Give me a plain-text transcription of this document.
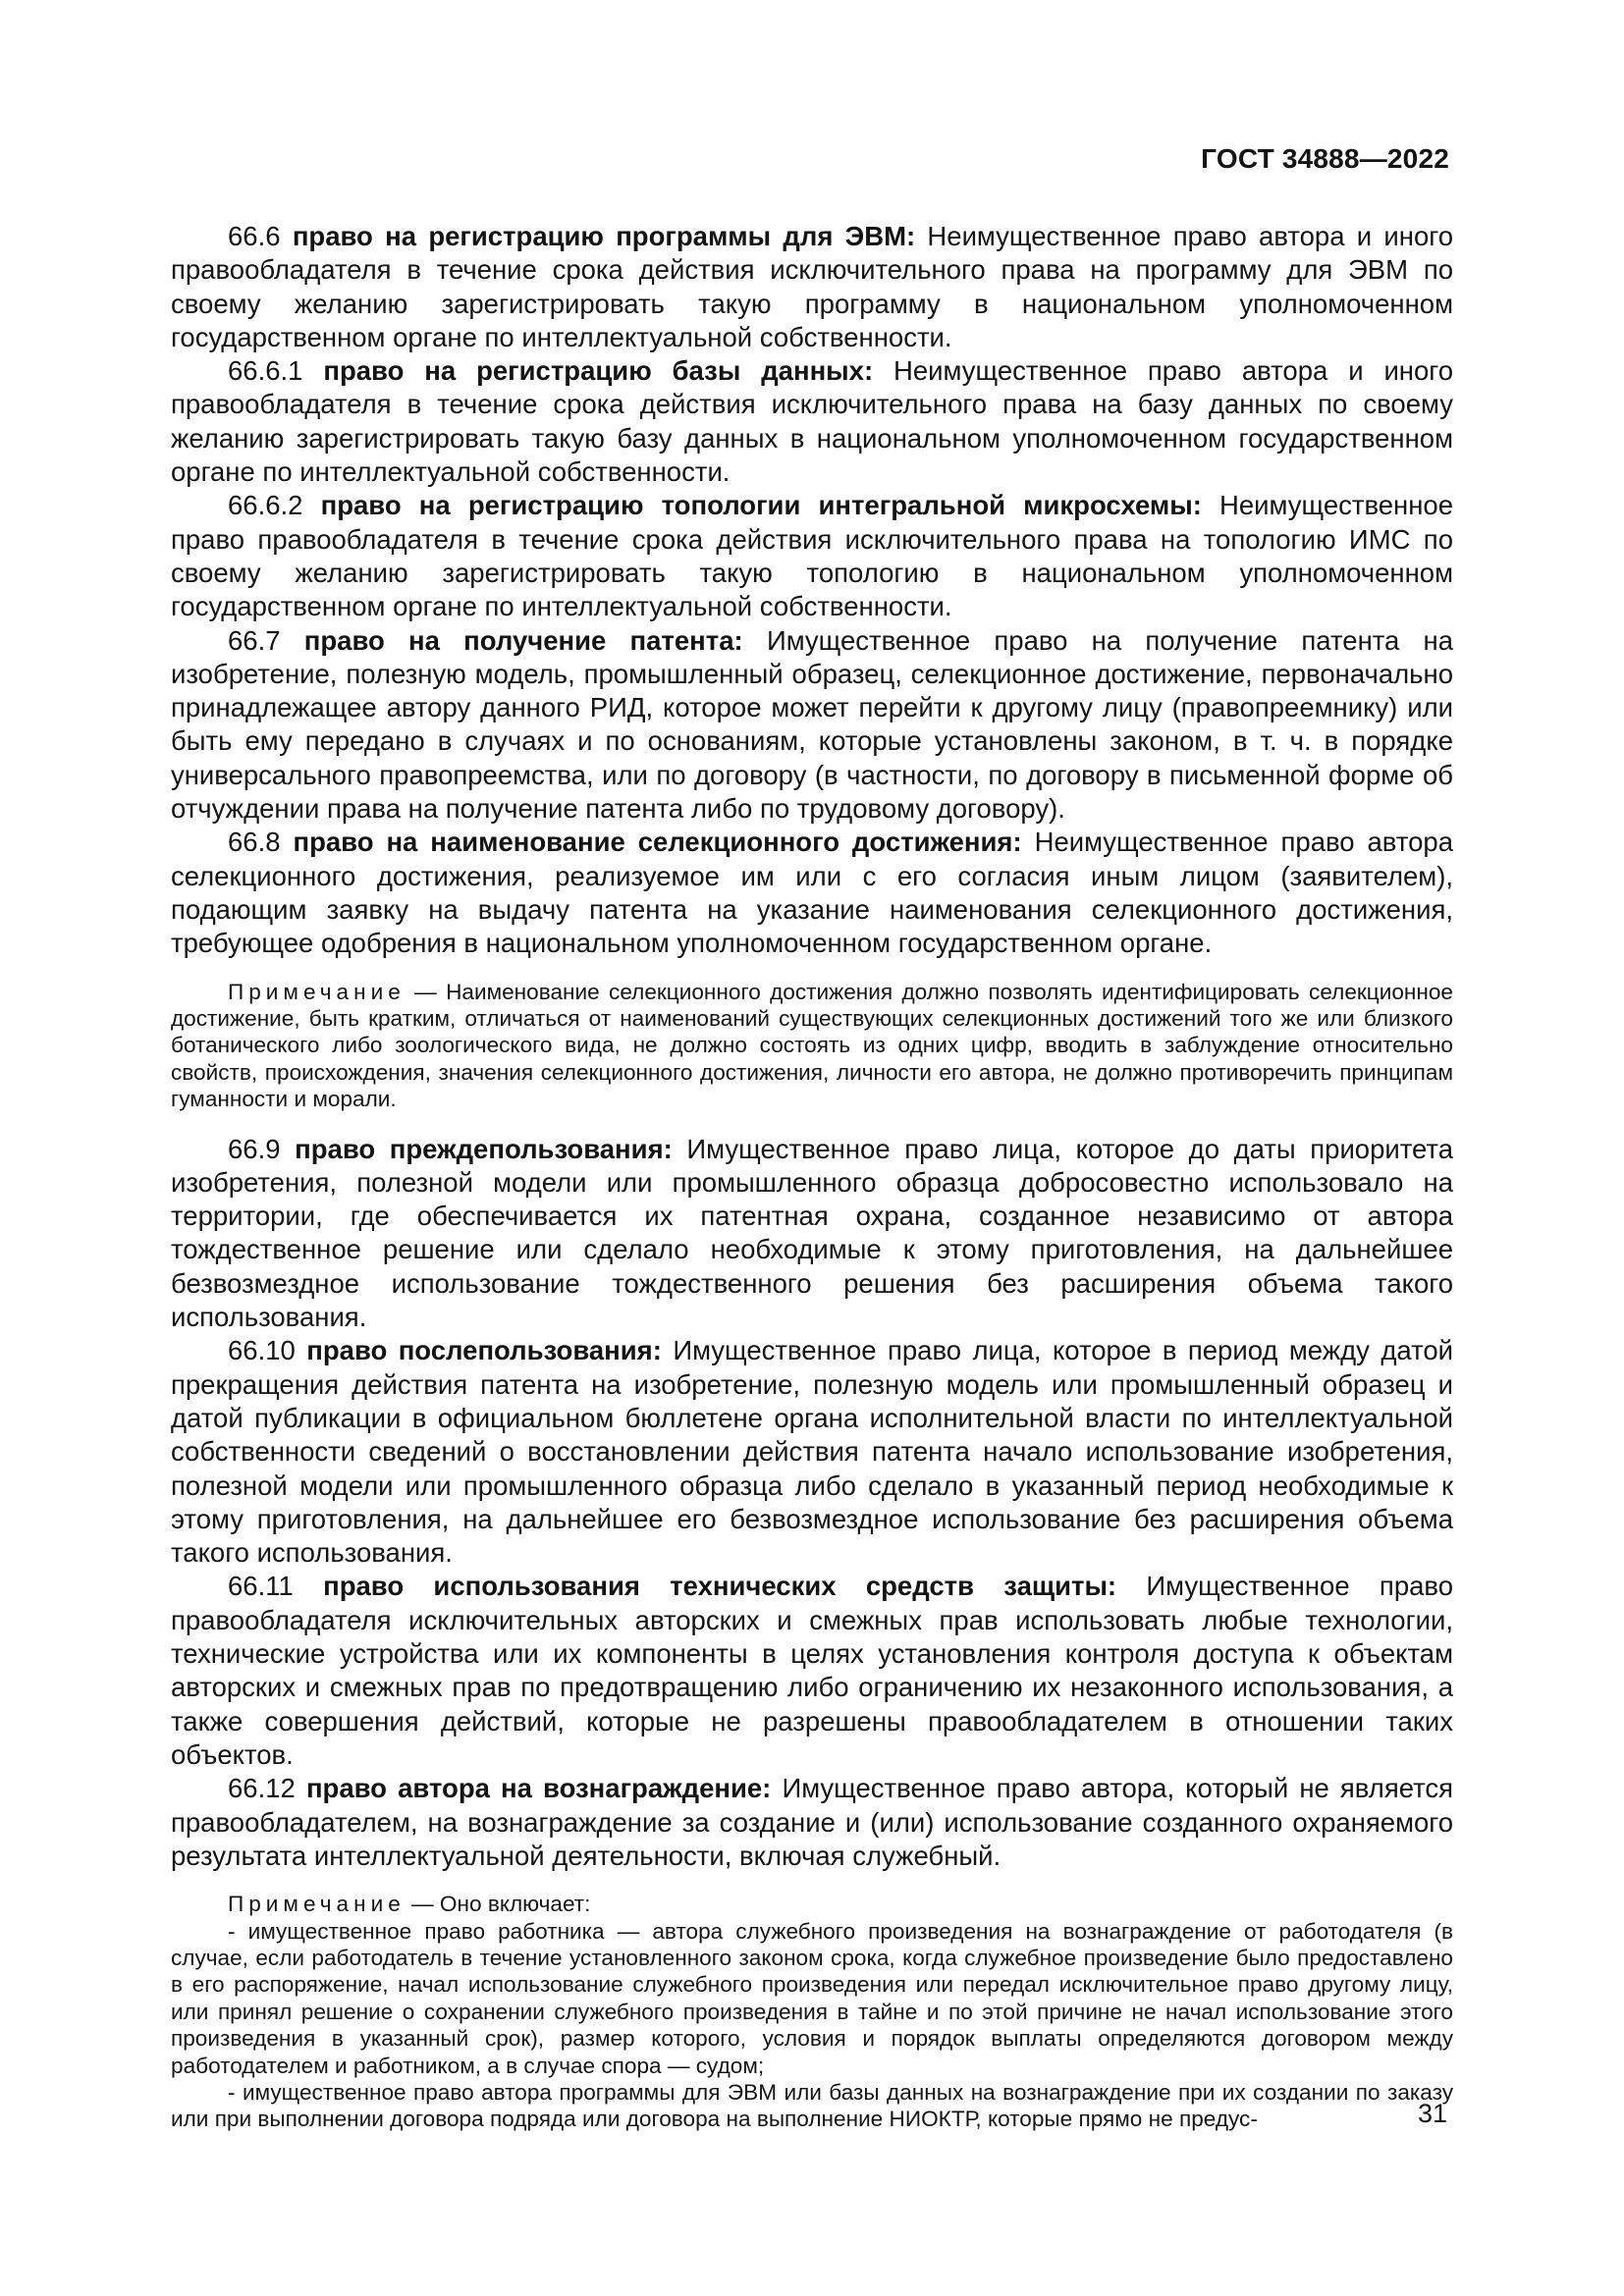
ГОСТ 34888—2022

66.6 право на регистрацию программы для ЭВМ: Неимущественное право автора и иного правообладателя в течение срока действия исключительного права на программу для ЭВМ по своему желанию зарегистрировать такую программу в национальном уполномоченном государственном органе по интеллектуальной собственности.

66.6.1 право на регистрацию базы данных: Неимущественное право автора и иного правообладателя в течение срока действия исключительного права на базу данных по своему желанию зарегистрировать такую базу данных в национальном уполномоченном государственном органе по интеллектуальной собственности.

66.6.2 право на регистрацию топологии интегральной микросхемы: Неимущественное право правообладателя в течение срока действия исключительного права на топологию ИМС по своему желанию зарегистрировать такую топологию в национальном уполномоченном государственном органе по интеллектуальной собственности.

66.7 право на получение патента: Имущественное право на получение патента на изобретение, полезную модель, промышленный образец, селекционное достижение, первоначально принадлежащее автору данного РИД, которое может перейти к другому лицу (правопреемнику) или быть ему передано в случаях и по основаниям, которые установлены законом, в т. ч. в порядке универсального правопреемства, или по договору (в частности, по договору в письменной форме об отчуждении права на получение патента либо по трудовому договору).

66.8 право на наименование селекционного достижения: Неимущественное право автора селекционного достижения, реализуемое им или с его согласия иным лицом (заявителем), подающим заявку на выдачу патента на указание наименования селекционного достижения, требующее одобрения в национальном уполномоченном государственном органе.

Примечание — Наименование селекционного достижения должно позволять идентифицировать селекционное достижение, быть кратким, отличаться от наименований существующих селекционных достижений того же или близкого ботанического либо зоологического вида, не должно состоять из одних цифр, вводить в заблуждение относительно свойств, происхождения, значения селекционного достижения, личности его автора, не должно противоречить принципам гуманности и морали.

66.9 право преждепользования: Имущественное право лица, которое до даты приоритета изобретения, полезной модели или промышленного образца добросовестно использовало на территории, где обеспечивается их патентная охрана, созданное независимо от автора тождественное решение или сделало необходимые к этому приготовления, на дальнейшее безвозмездное использование тождественного решения без расширения объема такого использования.

66.10 право послепользования: Имущественное право лица, которое в период между датой прекращения действия патента на изобретение, полезную модель или промышленный образец и датой публикации в официальном бюллетене органа исполнительной власти по интеллектуальной собственности сведений о восстановлении действия патента начало использование изобретения, полезной модели или промышленного образца либо сделало в указанный период необходимые к этому приготовления, на дальнейшее его безвозмездное использование без расширения объема такого использования.

66.11 право использования технических средств защиты: Имущественное право правообладателя исключительных авторских и смежных прав использовать любые технологии, технические устройства или их компоненты в целях установления контроля доступа к объектам авторских и смежных прав по предотвращению либо ограничению их незаконного использования, а также совершения действий, которые не разрешены правообладателем в отношении таких объектов.

66.12 право автора на вознаграждение: Имущественное право автора, который не является правообладателем, на вознаграждение за создание и (или) использование созданного охраняемого результата интеллектуальной деятельности, включая служебный.

Примечание — Оно включает:

- имущественное право работника — автора служебного произведения на вознаграждение от работодателя (в случае, если работодатель в течение установленного законом срока, когда служебное произведение было предоставлено в его распоряжение, начал использование служебного произведения или передал исключительное право другому лицу, или принял решение о сохранении служебного произведения в тайне и по этой причине не начал использование этого произведения в указанный срок), размер которого, условия и порядок выплаты определяются договором между работодателем и работником, а в случае спора — судом;

- имущественное право автора программы для ЭВМ или базы данных на вознаграждение при их создании по заказу или при выполнении договора подряда или договора на выполнение НИОКТР, которые прямо не предус-	31
